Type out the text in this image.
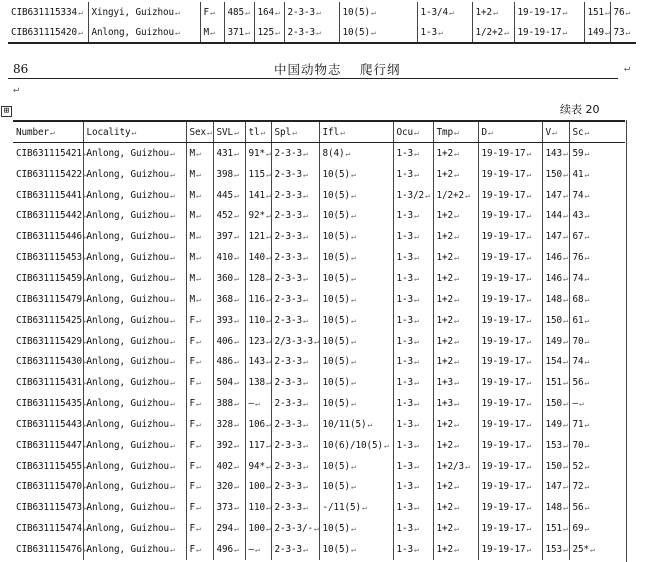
CIB631115334↵	Xingyi, Guizhou↵	F↵	485↵	164↵	2-3-3↵	10(5)↵	1-3/4↵	1+2↵	19-19-17↵	151↵	76↵
CIB631115420↵	Anlong, Guizhou↵	M↵	371↵	125↵	2-3-3↵	10(5)↵	1-3↵	1/2+2↵	19-19-17↵	149↵	73↵
86	中国动物志　 爬行纲	↵
↵
⊞	续表 20
Number↵	Locality↵	Sex↵	SVL↵	tl↵	Spl↵	Ifl↵	Ocu↵	Tmp↵	D↵	V↵	Sc↵
CIB631115421↵	Anlong, Guizhou↵	M↵	431↵	91*↵	2-3-3↵	8(4)↵	1-3↵	1+2↵	19-19-17↵	143↵	59↵
CIB631115422↵	Anlong, Guizhou↵	M↵	398↵	115↵	2-3-3↵	10(5)↵	1-3↵	1+2↵	19-19-17↵	150↵	41↵
CIB631115441↵	Anlong, Guizhou↵	M↵	445↵	141↵	2-3-3↵	10(5)↵	1-3/2↵	1/2+2↵	19-19-17↵	147↵	74↵
CIB631115442↵	Anlong, Guizhou↵	M↵	452↵	92*↵	2-3-3↵	10(5)↵	1-3↵	1+2↵	19-19-17↵	144↵	43↵
CIB631115446↵	Anlong, Guizhou↵	M↵	397↵	121↵	2-3-3↵	10(5)↵	1-3↵	1+2↵	19-19-17↵	147↵	67↵
CIB631115453↵	Anlong, Guizhou↵	M↵	410↵	140↵	2-3-3↵	10(5)↵	1-3↵	1+2↵	19-19-17↵	146↵	76↵
CIB631115459↵	Anlong, Guizhou↵	M↵	360↵	128↵	2-3-3↵	10(5)↵	1-3↵	1+2↵	19-19-17↵	146↵	74↵
CIB631115479↵	Anlong, Guizhou↵	M↵	368↵	116↵	2-3-3↵	10(5)↵	1-3↵	1+2↵	19-19-17↵	148↵	68↵
CIB631115425↵	Anlong, Guizhou↵	F↵	393↵	110↵	2-3-3↵	10(5)↵	1-3↵	1+2↵	19-19-17↵	150↵	61↵
CIB631115429↵	Anlong, Guizhou↵	F↵	406↵	123↵	2/3-3-3↵	10(5)↵	1-3↵	1+2↵	19-19-17↵	149↵	70↵
CIB631115430↵	Anlong, Guizhou↵	F↵	486↵	143↵	2-3-3↵	10(5)↵	1-3↵	1+2↵	19-19-17↵	154↵	74↵
CIB631115431↵	Anlong, Guizhou↵	F↵	504↵	138↵	2-3-3↵	10(5)↵	1-3↵	1+3↵	19-19-17↵	151↵	56↵
CIB631115435↵	Anlong, Guizhou↵	F↵	388↵	—↵	2-3-3↵	10(5)↵	1-3↵	1+3↵	19-19-17↵	150↵	—↵
CIB631115443↵	Anlong, Guizhou↵	F↵	328↵	106↵	2-3-3↵	10/11(5)↵	1-3↵	1+2↵	19-19-17↵	149↵	71↵
CIB631115447↵	Anlong, Guizhou↵	F↵	392↵	117↵	2-3-3↵	10(6)/10(5)↵	1-3↵	1+2↵	19-19-17↵	153↵	70↵
CIB631115455↵	Anlong, Guizhou↵	F↵	402↵	94*↵	2-3-3↵	10(5)↵	1-3↵	1+2/3↵	19-19-17↵	150↵	52↵
CIB631115470↵	Anlong, Guizhou↵	F↵	320↵	100↵	2-3-3↵	10(5)↵	1-3↵	1+2↵	19-19-17↵	147↵	72↵
CIB631115473↵	Anlong, Guizhou↵	F↵	373↵	110↵	2-3-3↵	-/11(5)↵	1-3↵	1+2↵	19-19-17↵	148↵	56↵
CIB631115474↵	Anlong, Guizhou↵	F↵	294↵	100↵	2-3-3/-↵	10(5)↵	1-3↵	1+2↵	19-19-17↵	151↵	69↵
CIB631115476↵	Anlong, Guizhou↵	F↵	496↵	—↵	2-3-3↵	10(5)↵	1-3↵	1+2↵	19-19-17↵	153↵	25*↵
